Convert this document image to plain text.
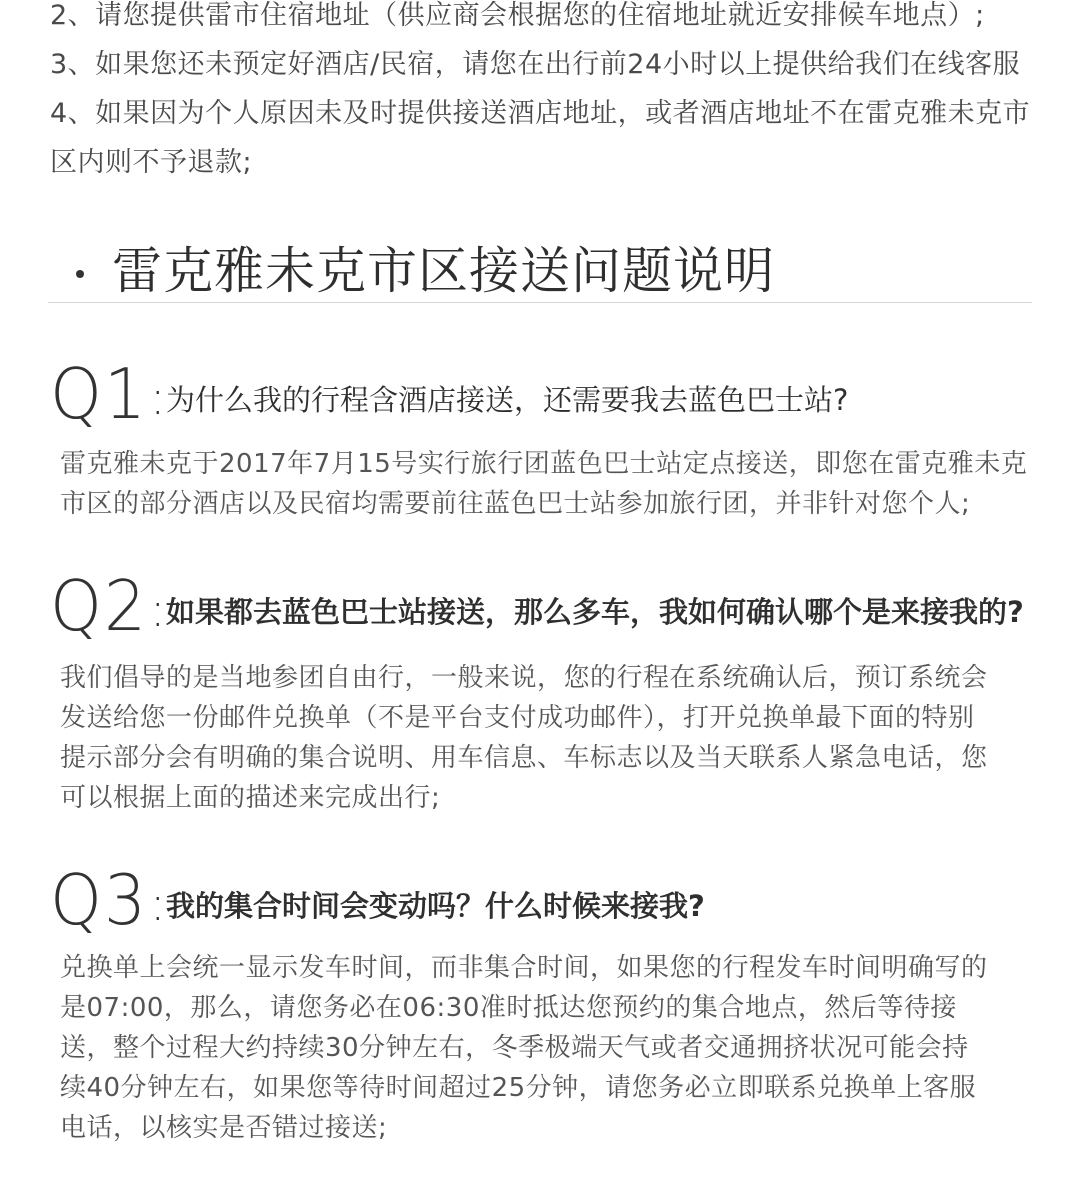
2、请您提供雷市住宿地址（供应商会根据您的住宿地址就近安排候车地点）;
3、如果您还未预定好酒店/民宿，请您在出行前24小时以上提供给我们在线客服
4、如果因为个人原因未及时提供接送酒店地址，或者酒店地址不在雷克雅未克市
区内则不予退款;
雷克雅未克市区接送问题说明
Q1:
为什么我的行程含酒店接送，还需要我去蓝色巴士站?
雷克雅未克于2017年7月15号实行旅行团蓝色巴士站定点接送，即您在雷克雅未克
市区的部分酒店以及民宿均需要前往蓝色巴士站参加旅行团，并非针对您个人;
Q2:
如果都去蓝色巴士站接送，那么多车，我如何确认哪个是来接我的?
我们倡导的是当地参团自由行，一般来说，您的行程在系统确认后，预订系统会
发送给您一份邮件兑换单（不是平台支付成功邮件），打开兑换单最下面的特别
提示部分会有明确的集合说明、用车信息、车标志以及当天联系人紧急电话，您
可以根据上面的描述来完成出行;
Q3:
我的集合时间会变动吗？什么时候来接我?
兑换单上会统一显示发车时间，而非集合时间，如果您的行程发车时间明确写的
是07:00，那么，请您务必在06:30准时抵达您预约的集合地点，然后等待接
送，整个过程大约持续30分钟左右，冬季极端天气或者交通拥挤状况可能会持
续40分钟左右，如果您等待时间超过25分钟，请您务必立即联系兑换单上客服
电话，以核实是否错过接送;
